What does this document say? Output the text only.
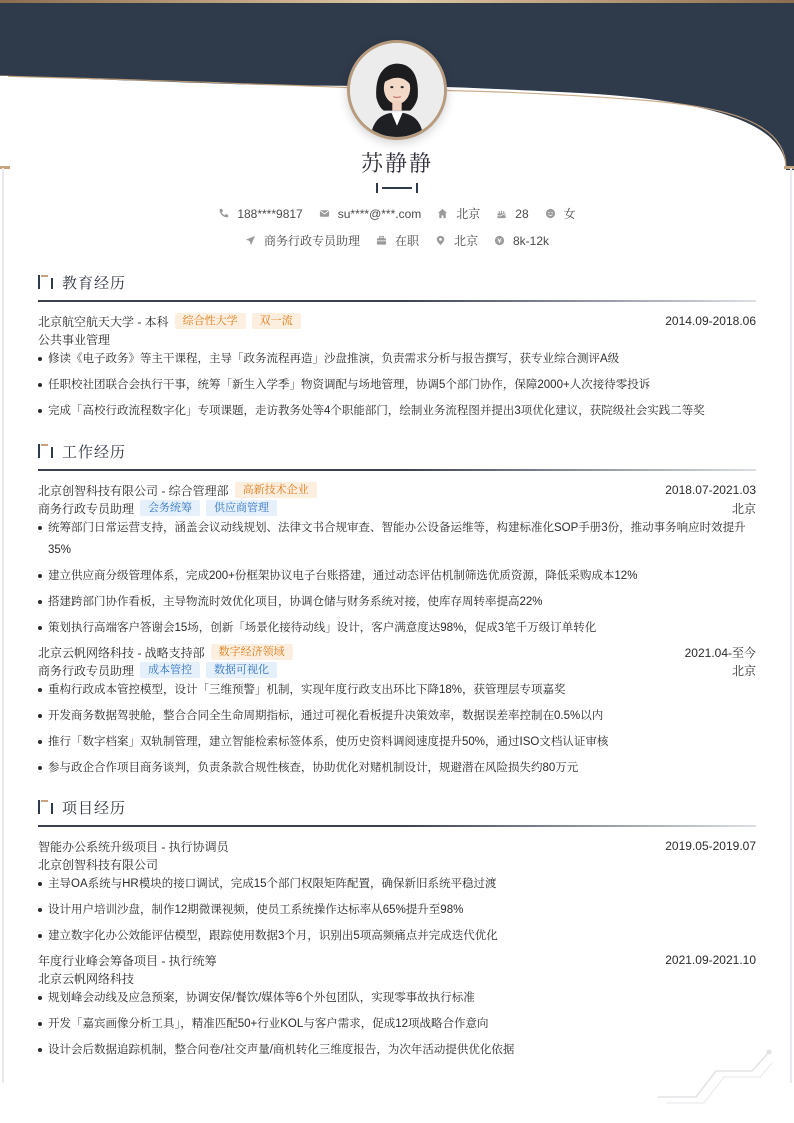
苏静静
188****9817	su****@***.com	北京	28	女
商务行政专员助理	在职	北京	8k-12k
教育经历
北京航空航天大学 - 本科	综合性大学	双一流	2014.09-2018.06
公共事业管理
修读《电子政务》等主干课程，主导「政务流程再造」沙盘推演，负责需求分析与报告撰写，获专业综合测评A级
任职校社团联合会执行干事，统筹「新生入学季」物资调配与场地管理，协调5个部门协作，保障2000+人次接待零投诉
完成「高校行政流程数字化」专项课题，走访教务处等4个职能部门，绘制业务流程图并提出3项优化建议，获院级社会实践二等奖
工作经历
北京创智科技有限公司 - 综合管理部	高新技术企业	2018.07-2021.03
商务行政专员助理	会务统筹	供应商管理	北京
统筹部门日常运营支持，涵盖会议动线规划、法律文书合规审查、智能办公设备运维等，构建标准化SOP手册3份，推动事务响应时效提升35%
建立供应商分级管理体系，完成200+份框架协议电子台账搭建，通过动态评估机制筛选优质资源，降低采购成本12%
搭建跨部门协作看板，主导物流时效优化项目，协调仓储与财务系统对接，使库存周转率提高22%
策划执行高端客户答谢会15场，创新「场景化接待动线」设计，客户满意度达98%，促成3笔千万级订单转化
北京云帆网络科技 - 战略支持部	数字经济领域	2021.04-至今
商务行政专员助理	成本管控	数据可视化	北京
重构行政成本管控模型，设计「三维预警」机制，实现年度行政支出环比下降18%，获管理层专项嘉奖
开发商务数据驾驶舱，整合合同全生命周期指标，通过可视化看板提升决策效率，数据误差率控制在0.5%以内
推行「数字档案」双轨制管理，建立智能检索标签体系，使历史资料调阅速度提升50%，通过ISO文档认证审核
参与政企合作项目商务谈判，负责条款合规性核查，协助优化对赌机制设计，规避潜在风险损失约80万元
项目经历
智能办公系统升级项目 - 执行协调员	2019.05-2019.07
北京创智科技有限公司
主导OA系统与HR模块的接口调试，完成15个部门权限矩阵配置，确保新旧系统平稳过渡
设计用户培训沙盘，制作12期微课视频，使员工系统操作达标率从65%提升至98%
建立数字化办公效能评估模型，跟踪使用数据3个月，识别出5项高频痛点并完成迭代优化
年度行业峰会筹备项目 - 执行统筹	2021.09-2021.10
北京云帆网络科技
规划峰会动线及应急预案，协调安保/餐饮/媒体等6个外包团队，实现零事故执行标准
开发「嘉宾画像分析工具」，精准匹配50+行业KOL与客户需求，促成12项战略合作意向
设计会后数据追踪机制，整合问卷/社交声量/商机转化三维度报告，为次年活动提供优化依据
